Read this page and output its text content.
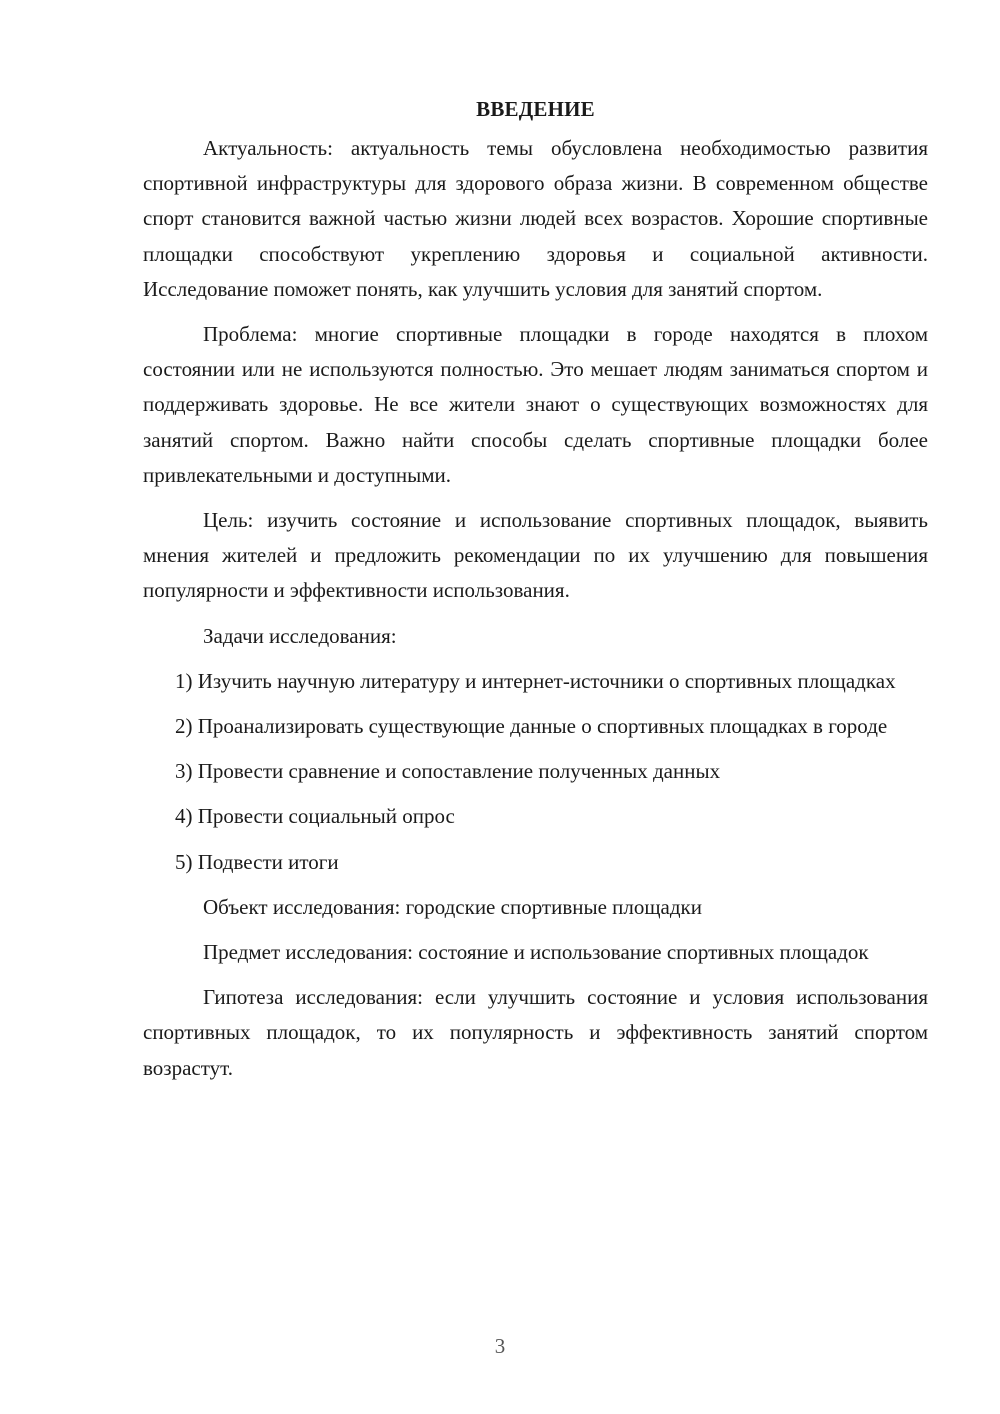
ВВЕДЕНИЕ

Актуальность: актуальность темы обусловлена необходимостью развития спортивной инфраструктуры для здорового образа жизни. В современном обществе спорт становится важной частью жизни людей всех возрастов. Хорошие спортивные площадки способствуют укреплению здоровья и социальной активности. Исследование поможет понять, как улучшить условия для занятий спортом.

Проблема: многие спортивные площадки в городе находятся в плохом состоянии или не используются полностью. Это мешает людям заниматься спортом и поддерживать здоровье. Не все жители знают о существующих возможностях для занятий спортом. Важно найти способы сделать спортивные площадки более привлекательными и доступными.

Цель: изучить состояние и использование спортивных площадок, выявить мнения жителей и предложить рекомендации по их улучшению для повышения популярности и эффективности использования.

Задачи исследования:

1) Изучить научную литературу и интернет-источники о спортивных площадках

2) Проанализировать существующие данные о спортивных площадках в городе

3) Провести сравнение и сопоставление полученных данных

4) Провести социальный опрос

5) Подвести итоги

Объект исследования: городские спортивные площадки

Предмет исследования: состояние и использование спортивных площадок

Гипотеза исследования: если улучшить состояние и условия использования спортивных площадок, то их популярность и эффективность занятий спортом возрастут.

3
